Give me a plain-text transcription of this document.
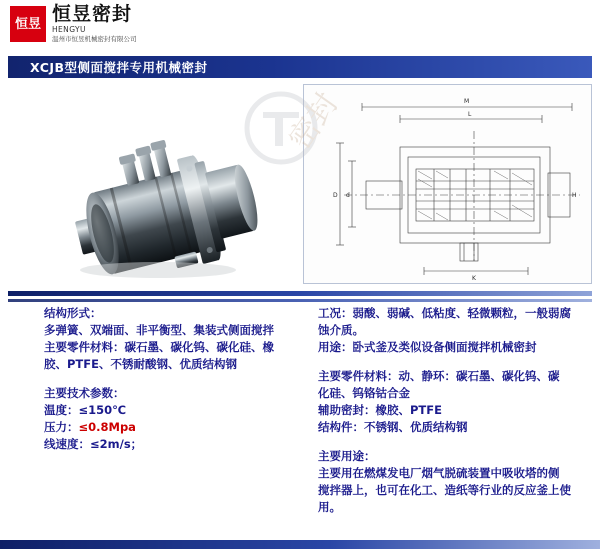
恒 昱 恒昱密封
HENGYU
温州市恒昱机械密封有限公司
XCJB型侧面搅拌专用机械密封
M
L
D d
K
H
密封

结构形式：

多弹簧、双端面、非平衡型、集装式侧面搅拌

主要零件材料：碳石墨、碳化钨、碳化硅、橡

胶、PTFE、不锈耐酸钢、优质结构钢

主要技术参数：

温度：≤150℃

压力：≤0.8Mpa

线速度：≤2m/s；

工况：弱酸、弱碱、低粘度、轻微颗粒，一般弱腐

蚀介质。

用途：卧式釜及类似设备侧面搅拌机械密封

主要零件材料：动、静环：碳石墨、碳化钨、碳

化硅、钨铬钴合金

辅助密封：橡胶、PTFE

结构件：不锈钢、优质结构钢

主要用途：

主要用在燃煤发电厂烟气脱硫装置中吸收塔的侧

搅拌器上，也可在化工、造纸等行业的反应釜上使用。
